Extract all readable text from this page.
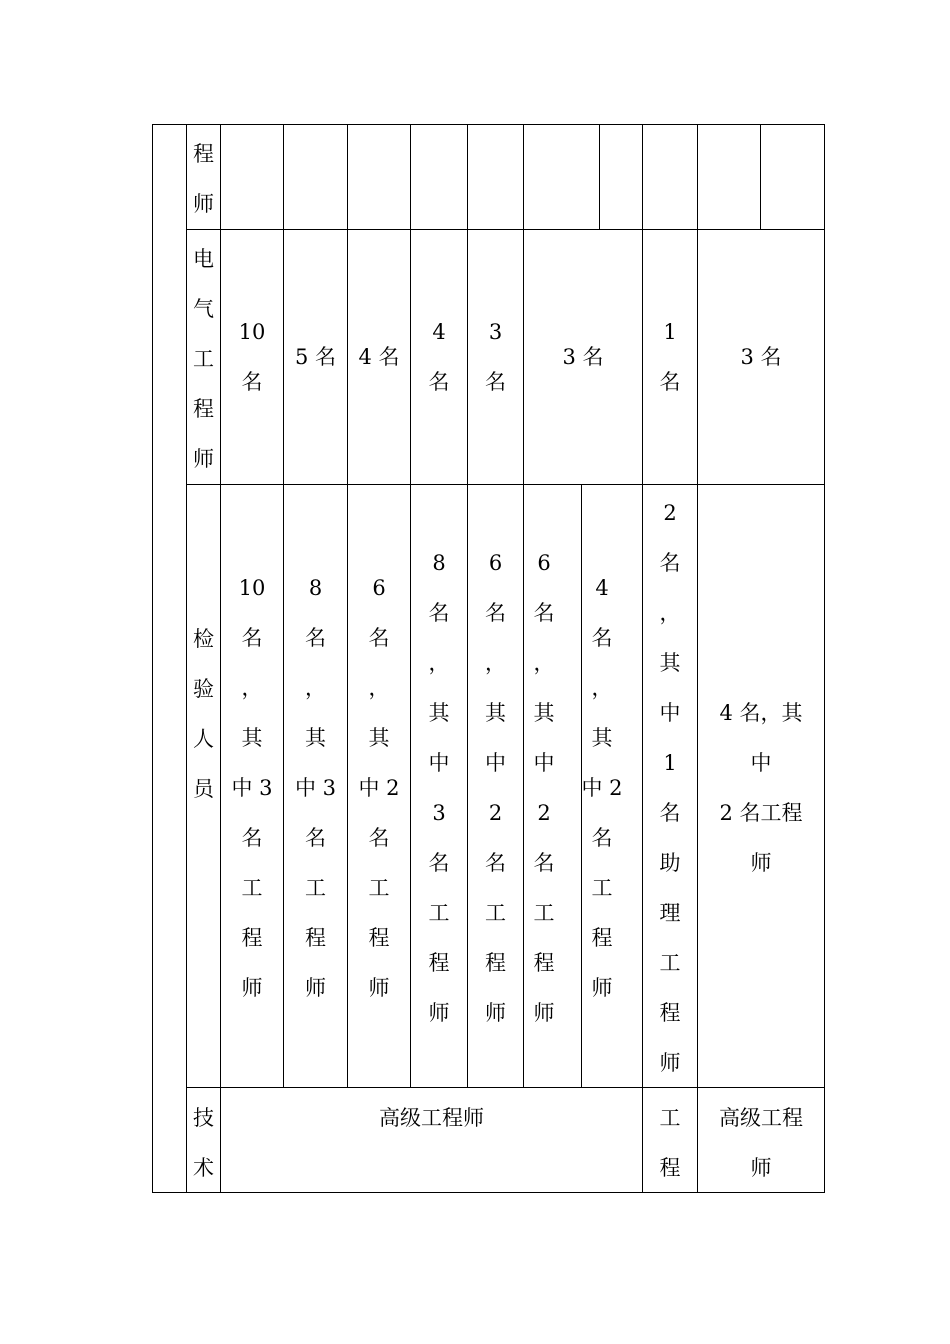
程
师
电
气
工
程
师
10
名
5 名 4 名
4
名
3
名
3 名
1
名
3 名
检
验
人
员
10
名
，
其
中 3
名
工
程
师
8
名
，
其
中 3
名
工
程
师
6
名
，
其
中 2
名
工
程
师
8
名
，
其
中
3
名
工
程
师
6
名
，
其
中
2
名
工
程
师
6
名
，
其
中
2
名
工
程
师
4
名
，
其
中 2
名
工
程
师
2
名
，
其
中
1
名
助
理
工
程
师
4 名，其
中
2 名工程
师
技
术
高级工程师	工
程
高级工程
师
